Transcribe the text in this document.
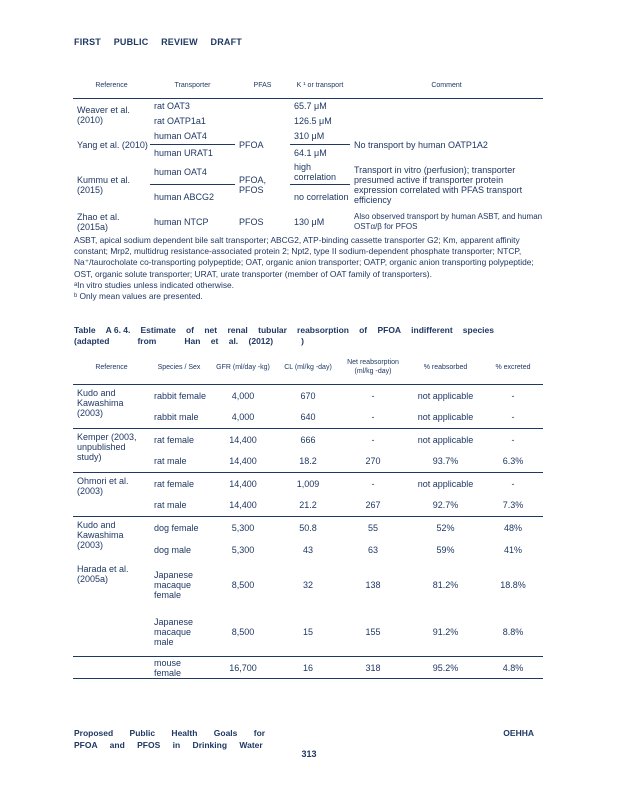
FIRST PUBLIC REVIEW DRAFT
Reference	Transporter	PFAS	K ¹ or transport	Comment
Weaver et al. (2010)	rat OAT3		65.7 μM	
	rat OATP1a1		126.5 μM	
Yang et al. (2010)	human OAT4	PFOA	310 μM	No transport by human OATP1A2
	human URAT1		64.1 μM	
Kummu et al. (2015)	human OAT4	PFOA, PFOS	high correlation	Transport in vitro (perfusion); transporter presumed active if transporter protein expression correlated with PFAS transport efficiency
	human ABCG2		no correlation	
Zhao et al. (2015a)	human NTCP	PFOS	130 μM	Also observed transport by human ASBT, and human OSTα/β for PFOS

ASBT, apical sodium dependent bile salt transporter; ABCG2, ATP-binding cassette transporter G2; Km, apparent affinity constant; Mrp2, multidrug resistance-associated protein 2; Npt2, type II sodium-dependent phosphate transporter; NTCP, Na⁺/taurocholate co-transporting polypeptide; OAT, organic anion transporter; OATP, organic anion transporting polypeptide; OST, organic solute transporter; URAT, urate transporter (member of OAT family of transporters).

ᵃIn vitro studies unless indicated otherwise.

ᵇ Only mean values are presented.

Table A 6. 4. Estimate of net renal tubular reabsorption of PFOA indifferent species
(adapted	from	Han et al. (2012)	)
Reference	Species / Sex	GFR (ml/day -kg)	CL (ml/kg -day)	Net reabsorption (ml/kg -day)	% reabsorbed	% excreted
Kudo and Kawashima (2003)	rabbit female	4,000	670	-	not applicable	-
	rabbit male	4,000	640	-	not applicable	-
Kemper (2003, unpublished study)	rat female	14,400	666	-	not applicable	-
	rat male	14,400	18.2	270	93.7%	6.3%
Ohmori et al. (2003)	rat female	14,400	1,009	-	not applicable	-
	rat male	14,400	21.2	267	92.7%	7.3%
Kudo and Kawashima (2003)	dog female	5,300	50.8	55	52%	48%
	dog male	5,300	43	63	59%	41%
Harada et al. (2005a)	Japanese macaque female	8,500	32	138	81.2%	18.8%
	Japanese macaque male	8,500	15	155	91.2%	8.8%
	mouse female	16,700	16	318	95.2%	4.8%
Proposed Public Health Goals for
PFOA and PFOS in Drinking Water
OEHHA
313
